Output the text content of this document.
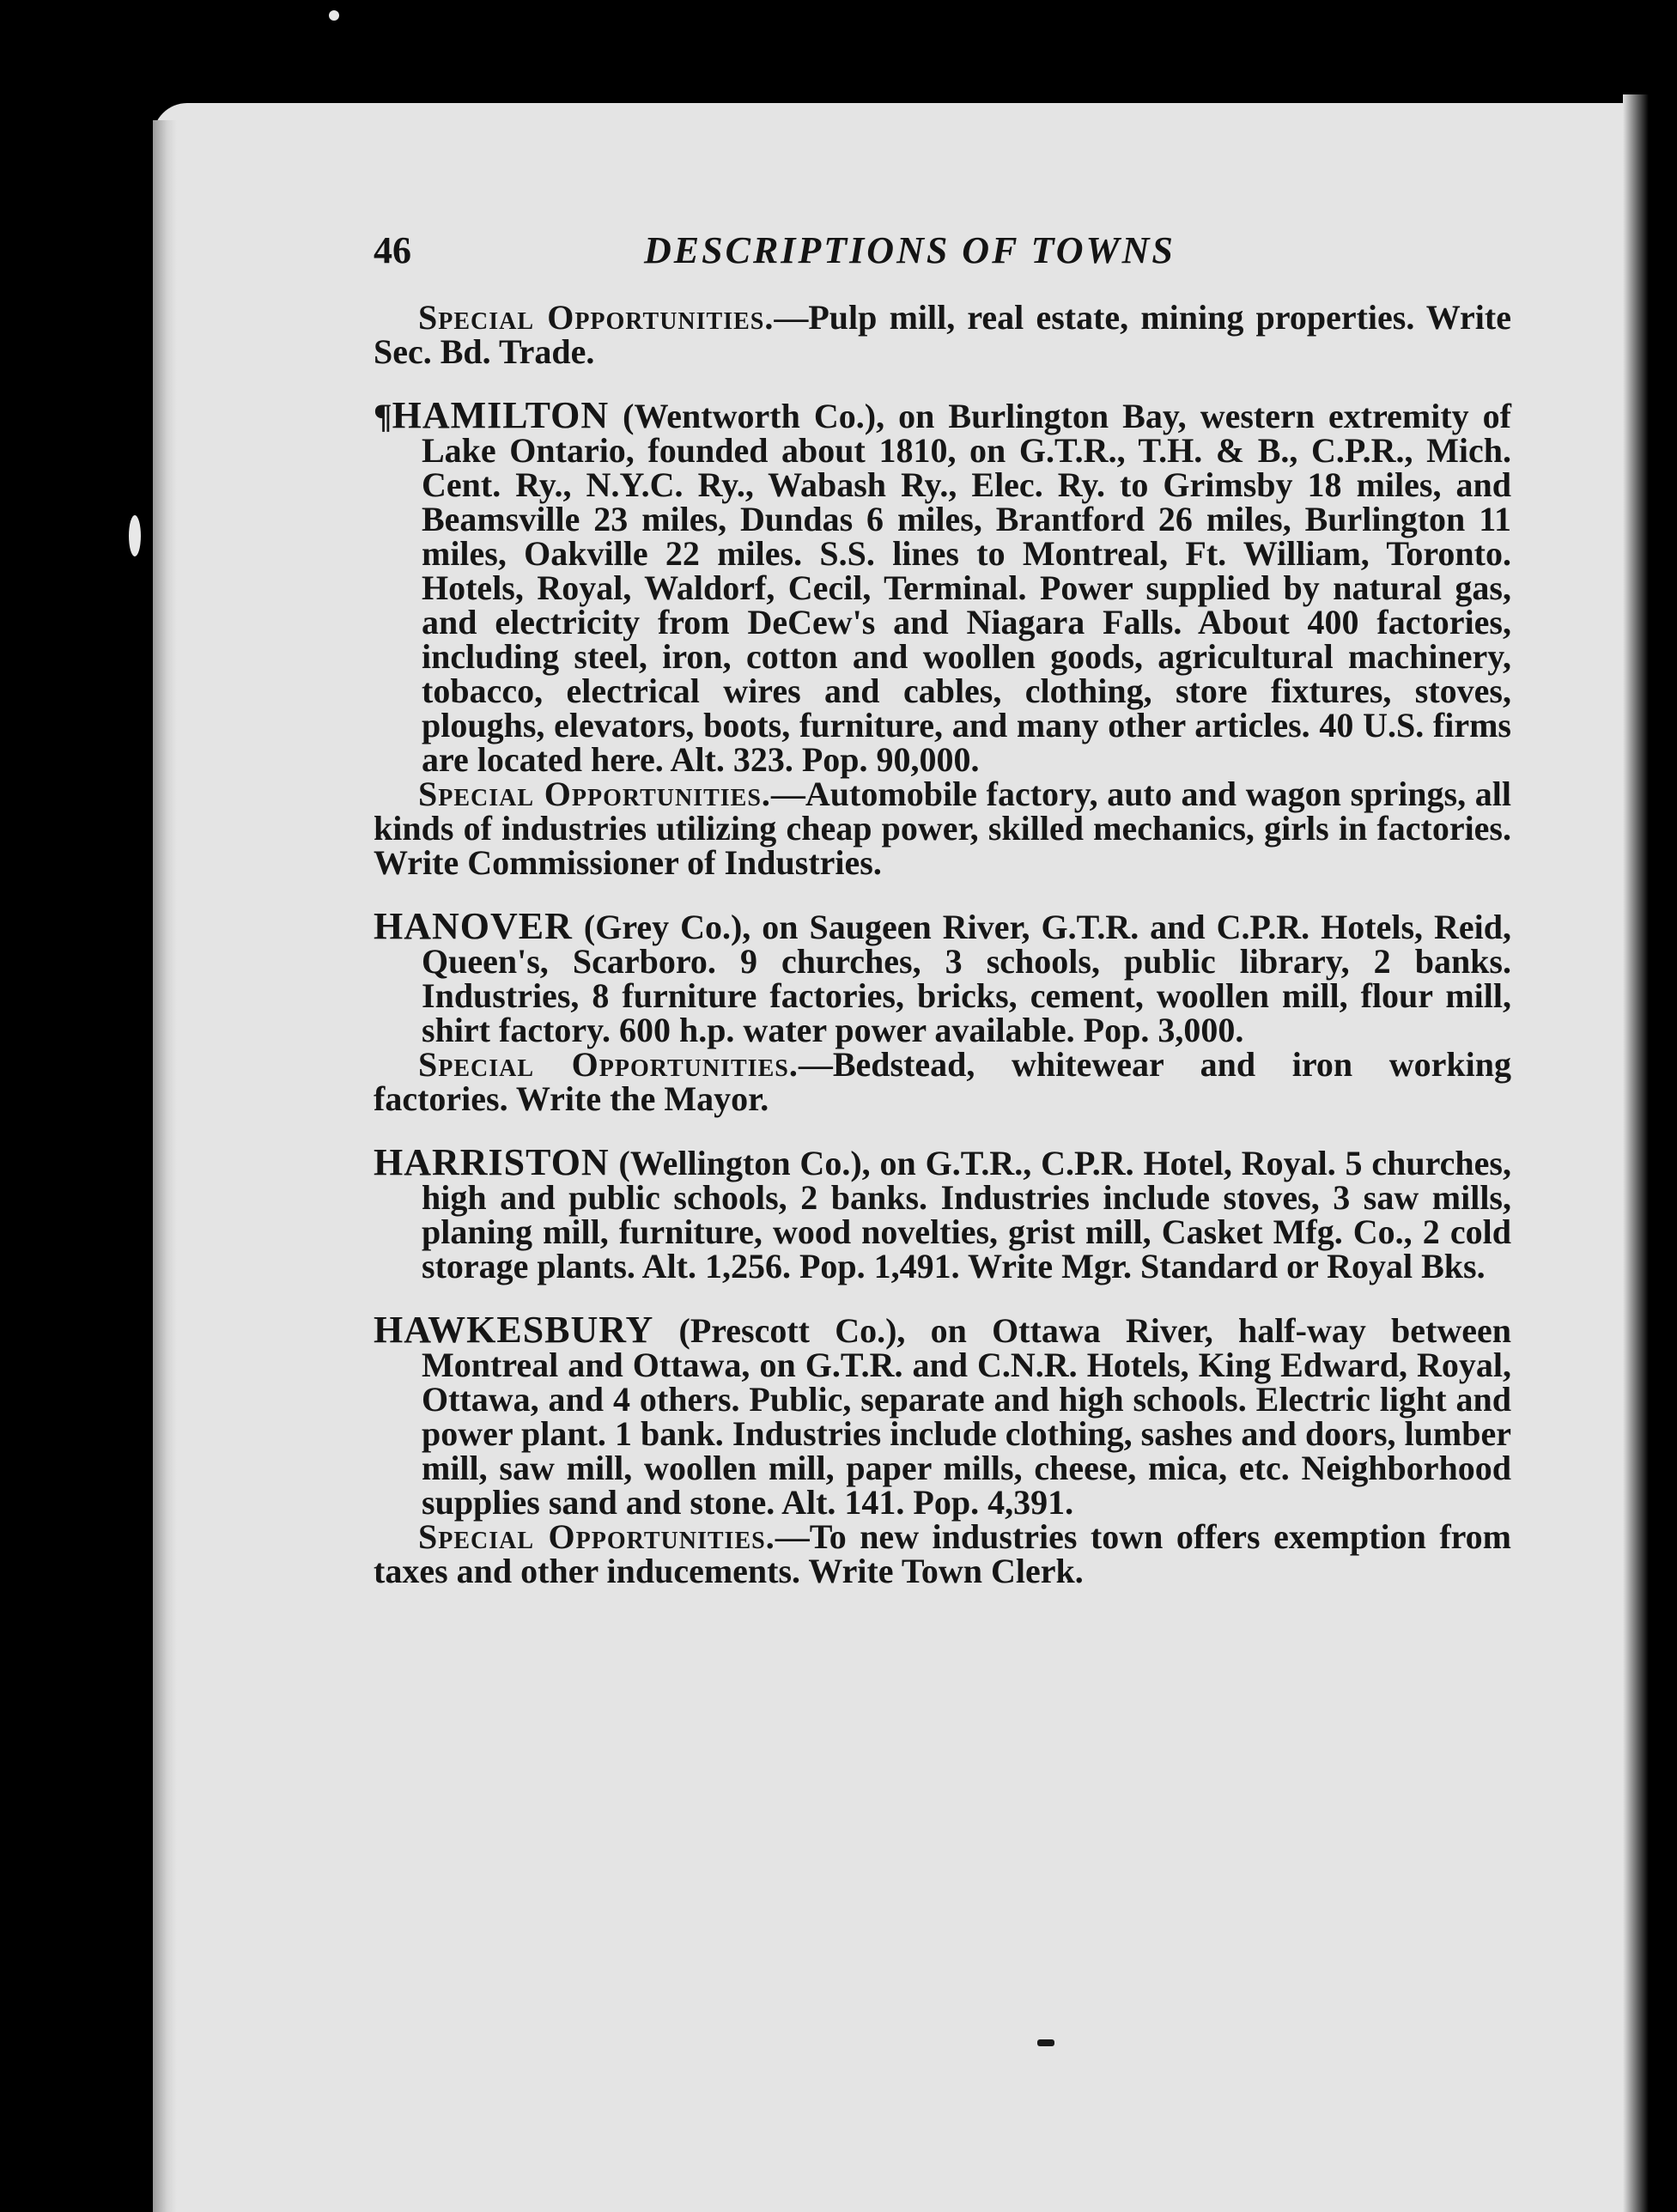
46	DESCRIPTIONS OF TOWNS

Special Opportunities.—Pulp mill, real estate, mining properties. Write Sec. Bd. Trade.

¶HAMILTON (Wentworth Co.), on Burlington Bay, western extremity of Lake Ontario, founded about 1810, on G.T.R., T.H. & B., C.P.R., Mich. Cent. Ry., N.Y.C. Ry., Wabash Ry., Elec. Ry. to Grimsby 18 miles, and Beamsville 23 miles, Dundas 6 miles, Brantford 26 miles, Burlington 11 miles, Oakville 22 miles. S.S. lines to Montreal, Ft. William, Toronto. Hotels, Royal, Waldorf, Cecil, Terminal. Power supplied by natural gas, and electricity from DeCew's and Niagara Falls. About 400 factories, including steel, iron, cotton and woollen goods, agricultural machinery, tobacco, electrical wires and cables, clothing, store fixtures, stoves, ploughs, elevators, boots, furniture, and many other articles. 40 U.S. firms are located here. Alt. 323. Pop. 90,000.

Special Opportunities.—Automobile factory, auto and wagon springs, all kinds of industries utilizing cheap power, skilled mechanics, girls in factories. Write Commissioner of Industries.

HANOVER (Grey Co.), on Saugeen River, G.T.R. and C.P.R. Hotels, Reid, Queen's, Scarboro. 9 churches, 3 schools, public library, 2 banks. Industries, 8 furniture factories, bricks, cement, woollen mill, flour mill, shirt factory. 600 h.p. water power available. Pop. 3,000.

Special Opportunities.—Bedstead, whitewear and iron working factories. Write the Mayor.

HARRISTON (Wellington Co.), on G.T.R., C.P.R. Hotel, Royal. 5 churches, high and public schools, 2 banks. Industries include stoves, 3 saw mills, planing mill, furniture, wood novelties, grist mill, Casket Mfg. Co., 2 cold storage plants. Alt. 1,256. Pop. 1,491. Write Mgr. Standard or Royal Bks.

HAWKESBURY (Prescott Co.), on Ottawa River, half-way between Montreal and Ottawa, on G.T.R. and C.N.R. Hotels, King Edward, Royal, Ottawa, and 4 others. Public, separate and high schools. Electric light and power plant. 1 bank. Industries include clothing, sashes and doors, lumber mill, saw mill, woollen mill, paper mills, cheese, mica, etc. Neighborhood supplies sand and stone. Alt. 141. Pop. 4,391.

Special Opportunities.—To new industries town offers exemption from taxes and other inducements. Write Town Clerk.
